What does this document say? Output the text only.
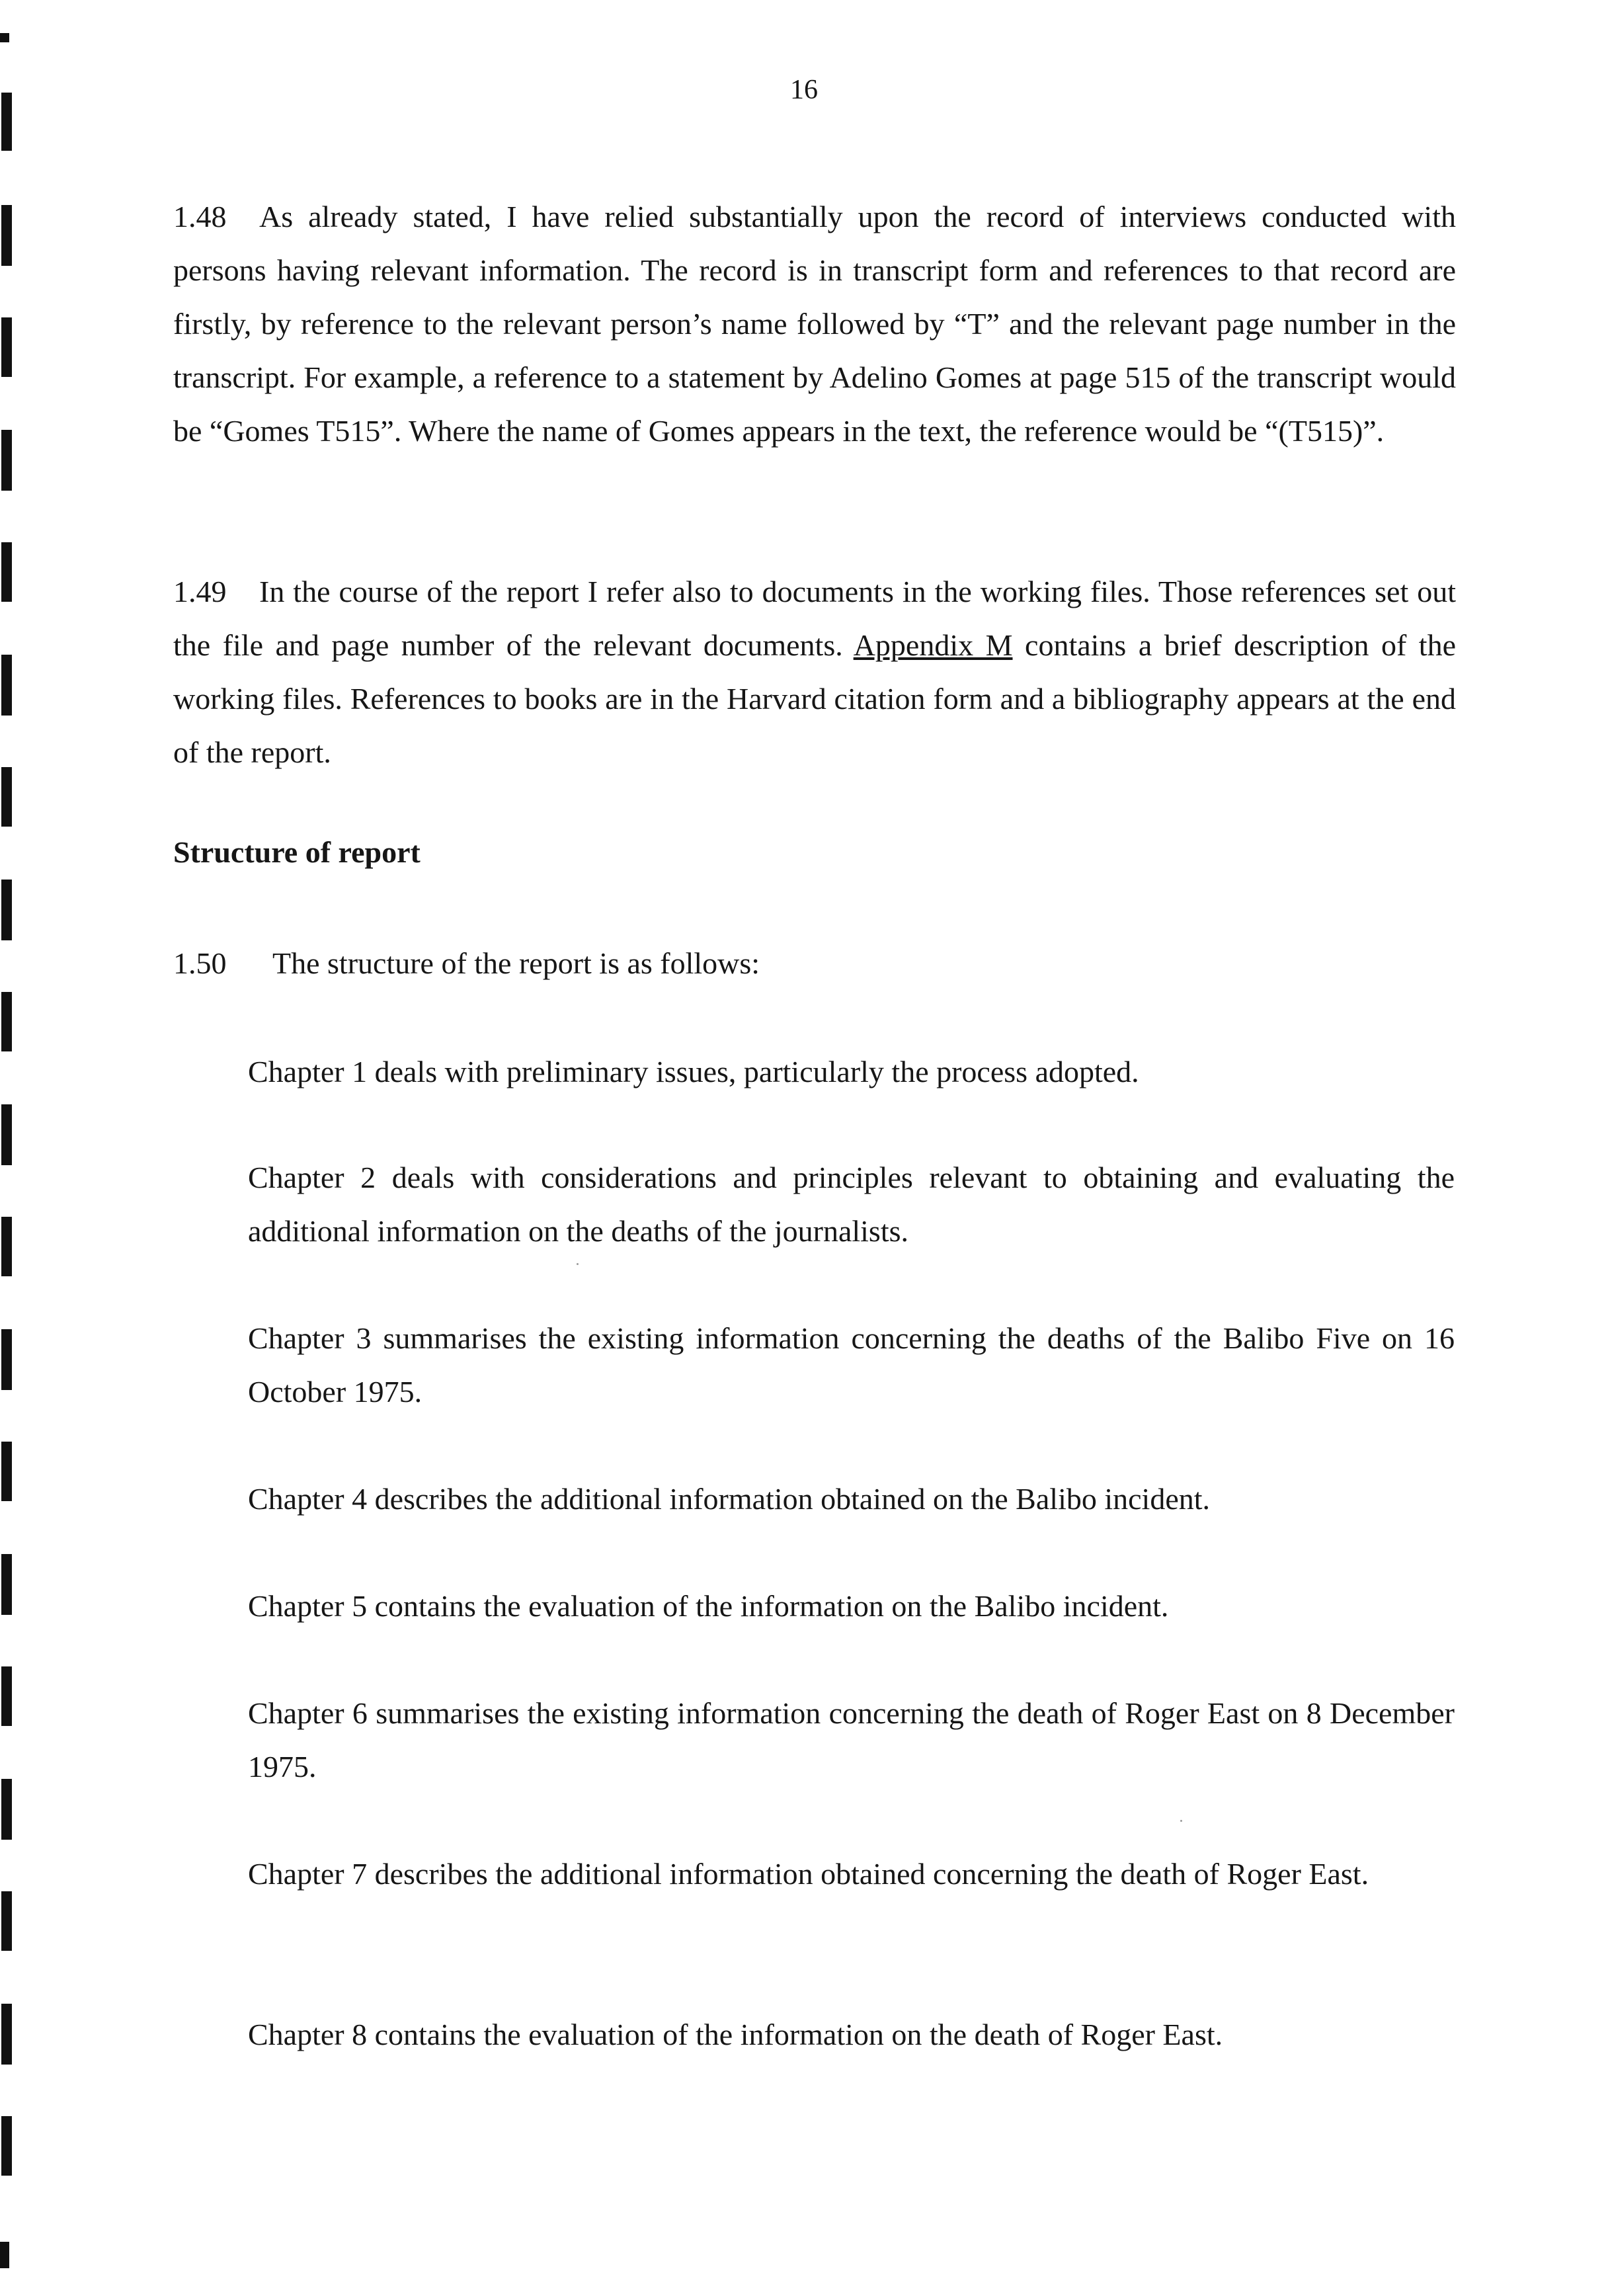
16

1.48 As already stated, I have relied substantially upon the record of interviews conducted with persons having relevant information. The record is in transcript form and references to that record are firstly, by reference to the relevant person’s name followed by “T” and the relevant page number in the transcript. For example, a reference to a statement by Adelino Gomes at page 515 of the transcript would be “Gomes T515”. Where the name of Gomes appears in the text, the reference would be “(T515)”.

1.49 In the course of the report I refer also to documents in the working files. Those references set out the file and page number of the relevant documents. Appendix M contains a brief description of the working files. References to books are in the Harvard citation form and a bibliography appears at the end of the report.

Structure of report

1.50 The structure of the report is as follows:

Chapter 1 deals with preliminary issues, particularly the process adopted.

Chapter 2 deals with considerations and principles relevant to obtaining and evaluating the additional information on the deaths of the journalists.

Chapter 3 summarises the existing information concerning the deaths of the Balibo Five on 16 October 1975.

Chapter 4 describes the additional information obtained on the Balibo incident.

Chapter 5 contains the evaluation of the information on the Balibo incident.

Chapter 6 summarises the existing information concerning the death of Roger East on 8 December 1975.

Chapter 7 describes the additional information obtained concerning the death of Roger East.

Chapter 8 contains the evaluation of the information on the death of Roger East.
